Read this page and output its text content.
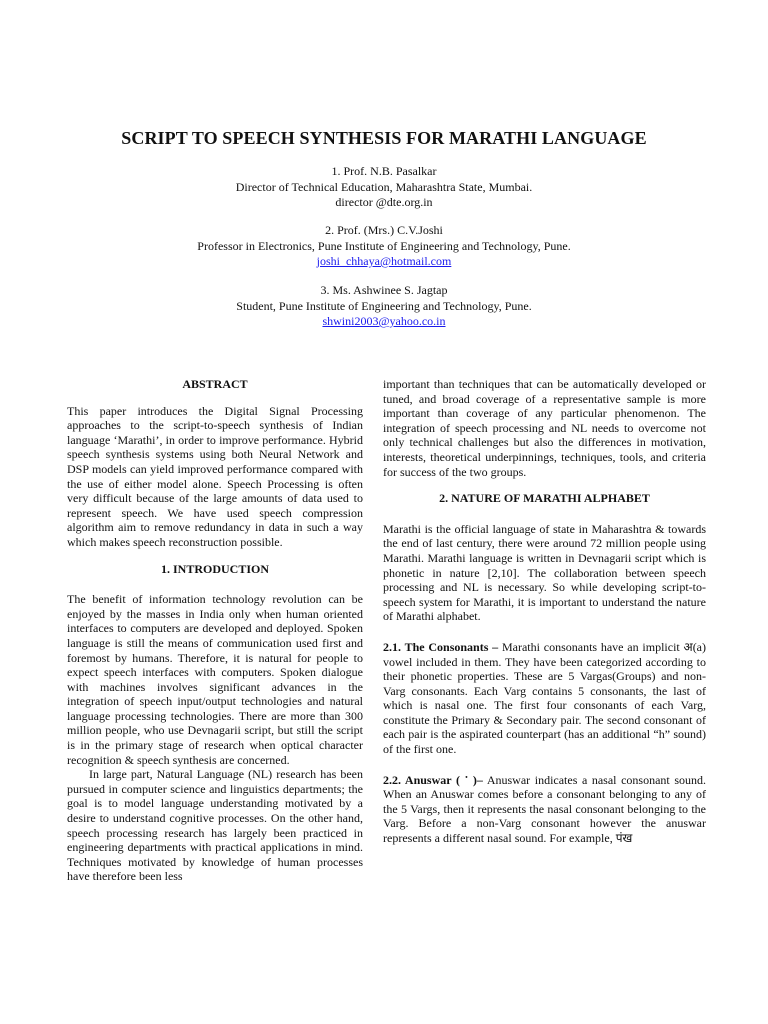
SCRIPT TO SPEECH SYNTHESIS FOR MARATHI LANGUAGE
1. Prof. N.B. Pasalkar
Director of Technical Education, Maharashtra State, Mumbai.
director @dte.org.in
2. Prof. (Mrs.) C.V.Joshi
Professor in Electronics, Pune Institute of Engineering and Technology, Pune.
joshi_chhaya@hotmail.com
3. Ms. Ashwinee S. Jagtap
Student, Pune Institute of Engineering and Technology, Pune.
shwini2003@yahoo.co.in
ABSTRACT

This paper introduces the Digital Signal Processing approaches to the script-to-speech synthesis of Indian language ‘Marathi’, in order to improve performance. Hybrid speech synthesis systems using both Neural Network and DSP models can yield improved performance compared with the use of either model alone. Speech Processing is often very difficult because of the large amounts of data used to represent speech. We have used speech compression algorithm aim to remove redundancy in data in such a way which makes speech reconstruction possible.

1. INTRODUCTION

The benefit of information technology revolution can be enjoyed by the masses in India only when human oriented interfaces to computers are developed and deployed. Spoken language is still the means of communication used first and foremost by humans. Therefore, it is natural for people to expect speech interfaces with computers. Spoken dialogue with machines involves significant advances in the integration of speech input/output technologies and natural language processing technologies. There are more than 300 million people, who use Devnagarii script, but still the script is in the primary stage of research when optical character recognition & speech synthesis are concerned.

In large part, Natural Language (NL) research has been pursued in computer science and linguistics departments; the goal is to model language understanding motivated by a desire to understand cognitive processes. On the other hand, speech processing research has largely been practiced in engineering departments with practical applications in mind. Techniques motivated by knowledge of human processes have therefore been less

important than techniques that can be automatically developed or tuned, and broad coverage of a representative sample is more important than coverage of any particular phenomenon. The integration of speech processing and NL needs to overcome not only technical challenges but also the differences in motivation, interests, theoretical underpinnings, techniques, tools, and criteria for success of the two groups.

2. NATURE OF MARATHI ALPHABET

Marathi is the official language of state in Maharashtra & towards the end of last century, there were around 72 million people using Marathi. Marathi language is written in Devnagarii script which is phonetic in nature [2,10]. The collaboration between speech processing and NL is necessary. So while developing script-to-speech system for Marathi, it is important to understand the nature of Marathi alphabet.

2.1. The Consonants – Marathi consonants have an implicit अ(a) vowel included in them. They have been categorized according to their phonetic properties. These are 5 Vargas(Groups) and non-Varg consonants. Each Varg contains 5 consonants, the last of which is nasal one. The first four consonants of each Varg, constitute the Primary & Secondary pair. The second consonant of each pair is the aspirated counterpart (has an additional “h” sound) of the first one.

2.2. Anuswar ( ॱ )– Anuswar indicates a nasal consonant sound. When an Anuswar comes before a consonant belonging to any of the 5 Vargs, then it represents the nasal consonant belonging to the Varg. Before a non-Varg consonant however the anuswar represents a different nasal sound. For example, पंख
